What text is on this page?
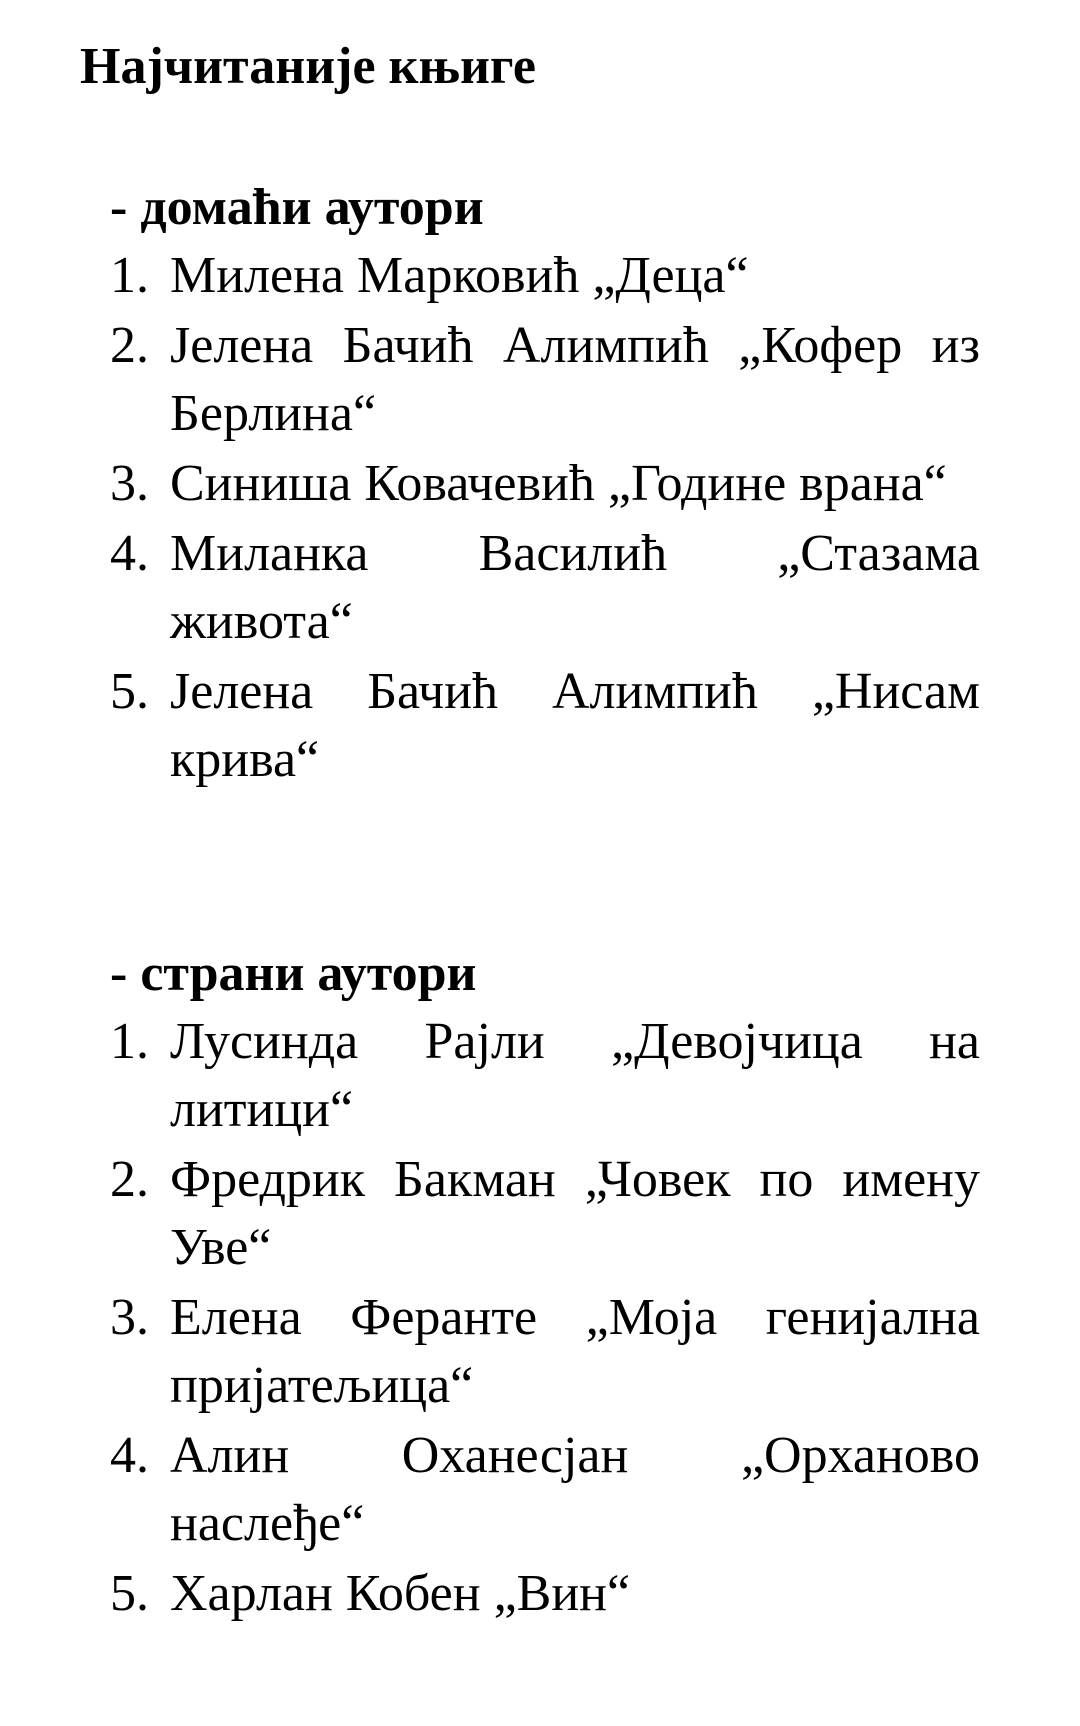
Најчитаније књиге
- домаћи аутори
1. Милена Марковић „Деца“
2. Јелена Бачић Алимпић „Кофер из Берлина“
3. Синиша Ковачевић „Године врана“
4. Миланка Василић „Стазама живота“
5. Јелена Бачић Алимпић „Нисам крива“
- страни аутори
1. Лусинда Рајли „Девојчица на литици“
2. Фредрик Бакман „Човек по имену Уве“
3. Елена Феранте „Моја генијална пријатељица“
4. Алин Оханесјан „Орханово наслеђе“
5. Харлан Кобен „Вин“
